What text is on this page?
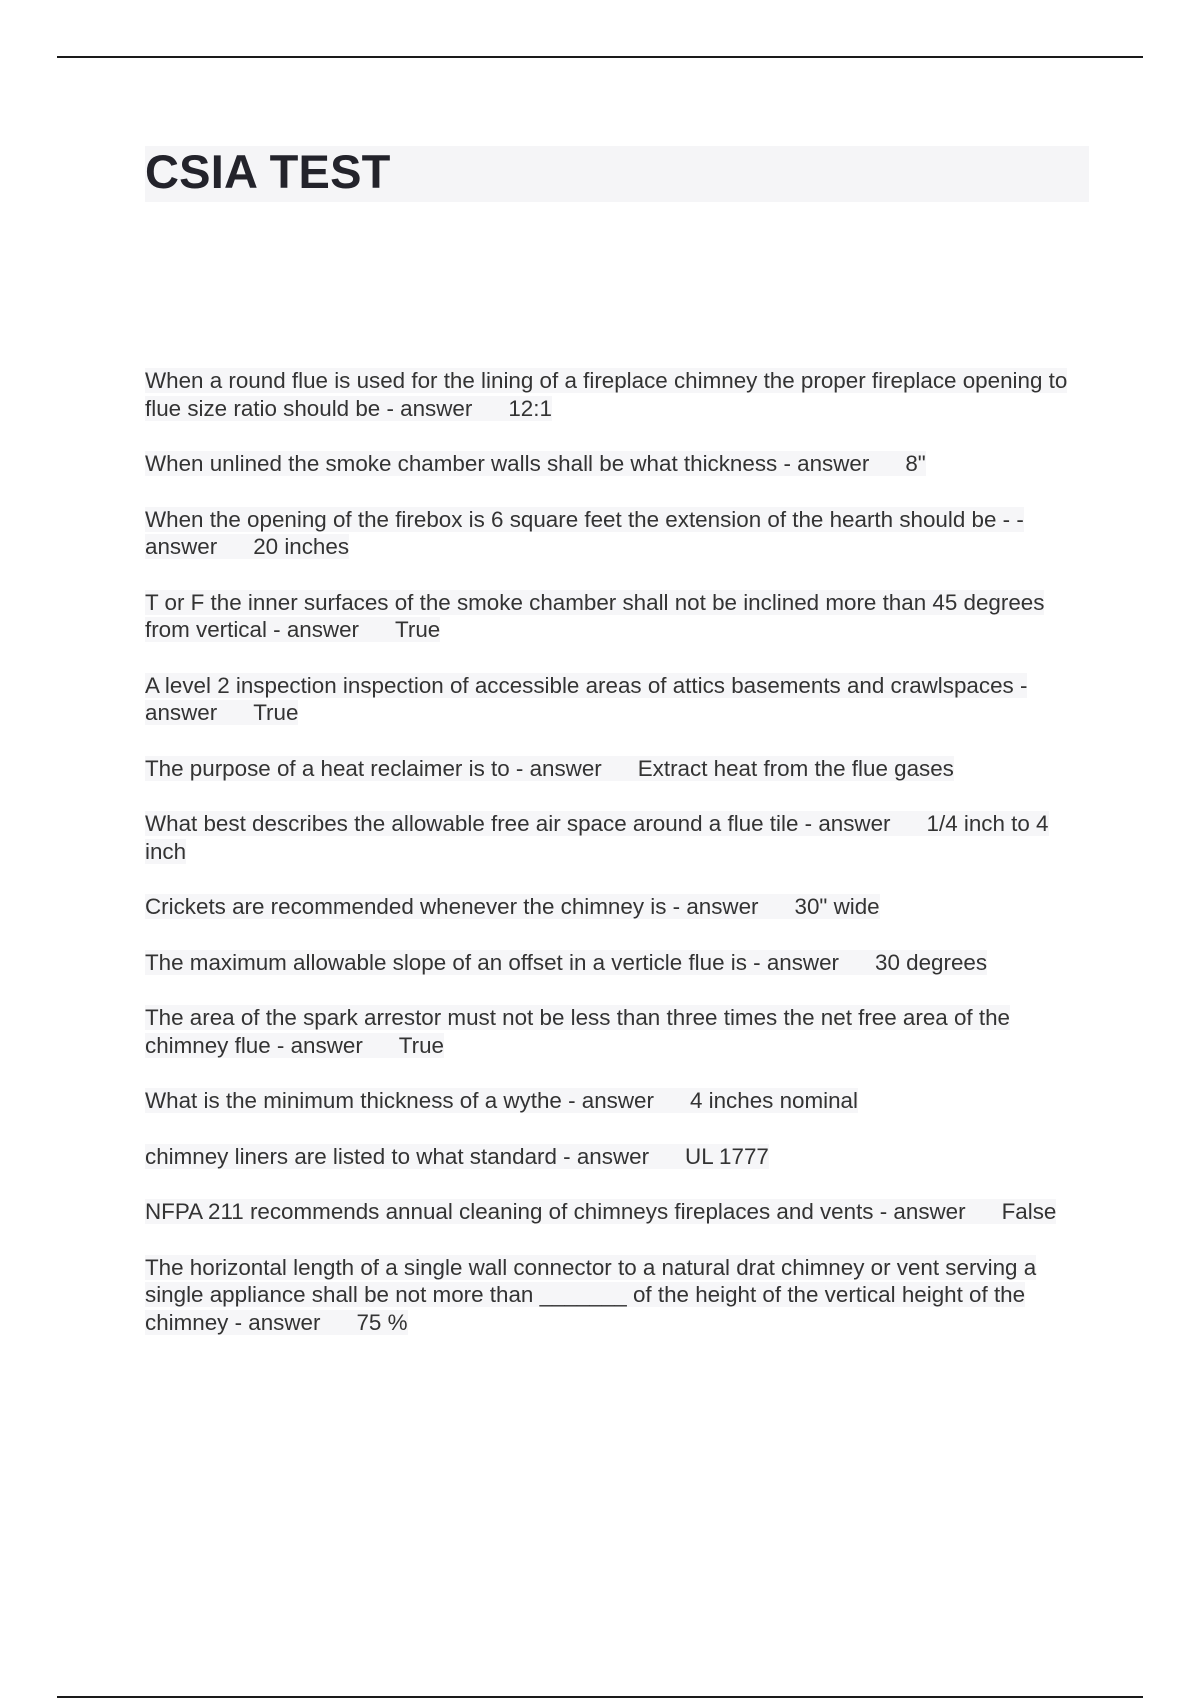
CSIA TEST
When a round flue is used for the lining of a fireplace chimney the proper fireplace opening to flue size ratio should be - answer 12:1
When unlined the smoke chamber walls shall be what thickness - answer 8"
When the opening of the firebox is 6 square feet the extension of the hearth should be - - answer 20 inches
T or F the inner surfaces of the smoke chamber shall not be inclined more than 45 degrees from vertical - answer True
A level 2 inspection inspection of accessible areas of attics basements and crawlspaces - answer True
The purpose of a heat reclaimer is to - answer Extract heat from the flue gases
What best describes the allowable free air space around a flue tile - answer 1/4 inch to 4 inch
Crickets are recommended whenever the chimney is - answer 30" wide
The maximum allowable slope of an offset in a verticle flue is - answer 30 degrees
The area of the spark arrestor must not be less than three times the net free area of the chimney flue - answer True
What is the minimum thickness of a wythe - answer 4 inches nominal
chimney liners are listed to what standard - answer UL 1777
NFPA 211 recommends annual cleaning of chimneys fireplaces and vents - answer False
The horizontal length of a single wall connector to a natural drat chimney or vent serving a single appliance shall be not more than _______ of the height of the vertical height of the chimney - answer 75 %
